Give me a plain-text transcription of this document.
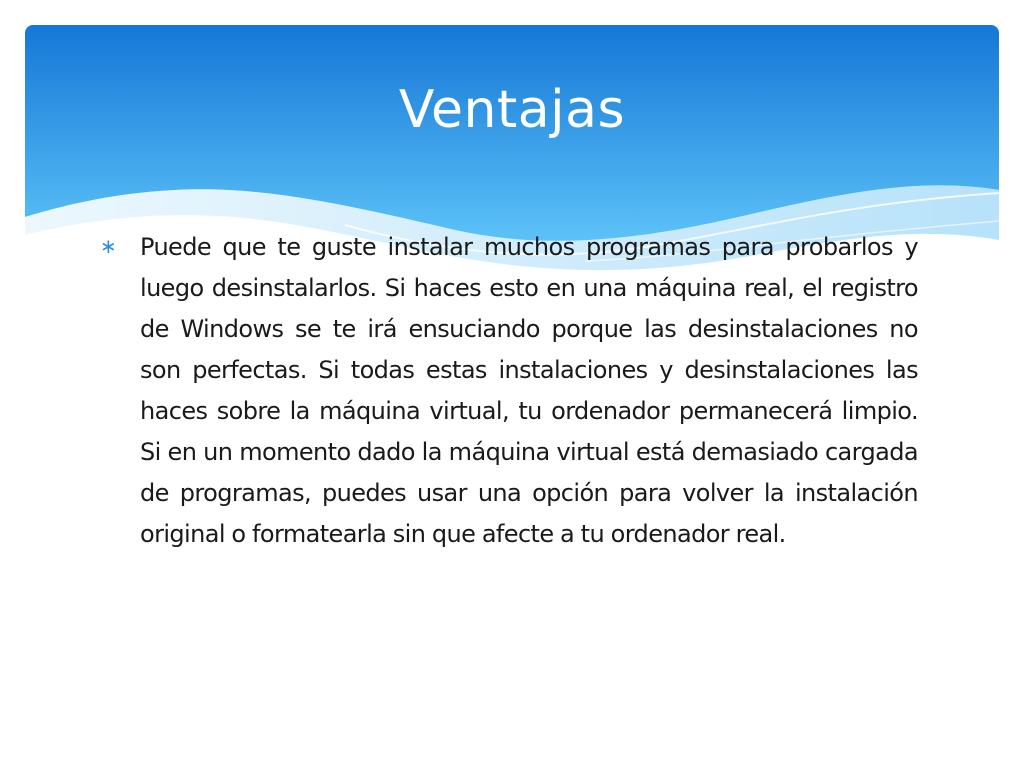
Ventajas
∗ Puede que te guste instalar muchos programas para probarlos y luego desinstalarlos. Si haces esto en una máquina real, el registro de Windows se te irá ensuciando porque las desinstalaciones no son perfectas. Si todas estas instalaciones y desinstalaciones las haces sobre la máquina virtual, tu ordenador permanecerá limpio. Si en un momento dado la máquina virtual está demasiado cargada de programas, puedes usar una opción para volver la instalación original o formatearla sin que afecte a tu ordenador real.
